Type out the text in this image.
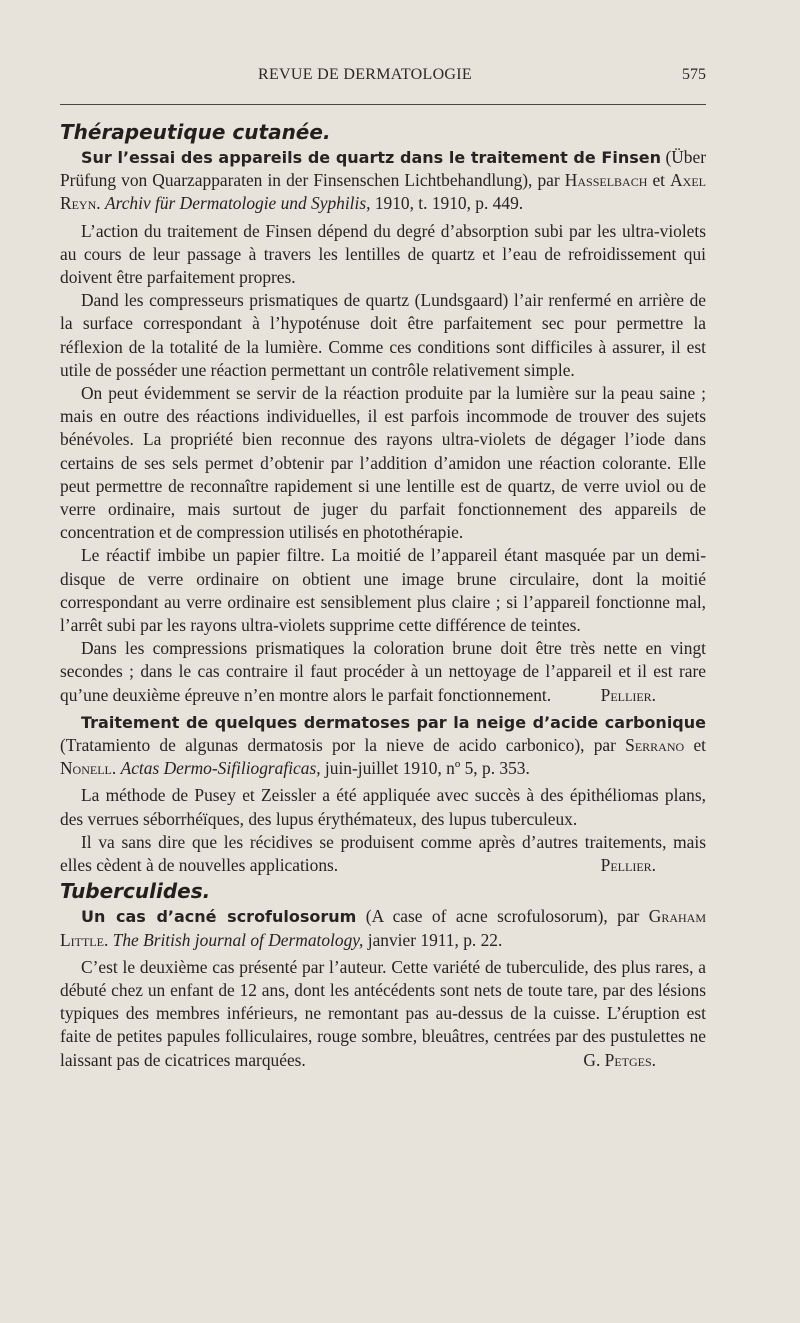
REVUE DE DERMATOLOGIE	575

Thérapeutique cutanée.

Sur l’essai des appareils de quartz dans le traitement de Finsen (Über Prüfung von Quarzapparaten in der Finsenschen Lichtbehandlung), par Hasselbach et Axel Reyn. Archiv für Dermatologie und Syphilis, 1910, t. 1910, p. 449.

L’action du traitement de Finsen dépend du degré d’absorption subi par les ultra-violets au cours de leur passage à travers les lentilles de quartz et l’eau de refroidissement qui doivent être parfaitement propres.

Dand les compresseurs prismatiques de quartz (Lundsgaard) l’air renfermé en arrière de la surface correspondant à l’hypoténuse doit être parfaitement sec pour permettre la réflexion de la totalité de la lumière. Comme ces conditions sont difficiles à assurer, il est utile de posséder une réaction permettant un contrôle relativement simple.

On peut évidemment se servir de la réaction produite par la lumière sur la peau saine ; mais en outre des réactions individuelles, il est parfois incommode de trouver des sujets bénévoles. La propriété bien reconnue des rayons ultra-violets de dégager l’iode dans certains de ses sels permet d’obtenir par l’addition d’amidon une réaction colorante. Elle peut permettre de reconnaître rapidement si une lentille est de quartz, de verre uviol ou de verre ordinaire, mais surtout de juger du parfait fonctionnement des appareils de concentration et de compression utilisés en photothérapie.

Le réactif imbibe un papier filtre. La moitié de l’appareil étant masquée par un demi-disque de verre ordinaire on obtient une image brune circulaire, dont la moitié correspondant au verre ordinaire est sensiblement plus claire ; si l’appareil fonctionne mal, l’arrêt subi par les rayons ultra-violets supprime cette différence de teintes.

Dans les compressions prismatiques la coloration brune doit être très nette en vingt secondes ; dans le cas contraire il faut procéder à un nettoyage de l’appareil et il est rare qu’une deuxième épreuve n’en montre alors le parfait fonctionnement.	Pellier.

Traitement de quelques dermatoses par la neige d’acide carbonique (Tratamiento de algunas dermatosis por la nieve de acido carbonico), par Serrano et Nonell. Actas Dermo-Sifiliograficas, juin-juillet 1910, nº 5, p. 353.

La méthode de Pusey et Zeissler a été appliquée avec succès à des épithéliomas plans, des verrues séborrhéïques, des lupus érythémateux, des lupus tuberculeux.

Il va sans dire que les récidives se produisent comme après d’autres traitements, mais elles cèdent à de nouvelles applications.	Pellier.

Tuberculides.

Un cas d’acné scrofulosorum (A case of acne scrofulosorum), par Graham Little. The British journal of Dermatology, janvier 1911, p. 22.

C’est le deuxième cas présenté par l’auteur. Cette variété de tuberculide, des plus rares, a débuté chez un enfant de 12 ans, dont les antécédents sont nets de toute tare, par des lésions typiques des membres inférieurs, ne remontant pas au-dessus de la cuisse. L’éruption est faite de petites papules folliculaires, rouge sombre, bleuâtres, centrées par des pustulettes ne laissant pas de cicatrices marquées.	G. Petges.
